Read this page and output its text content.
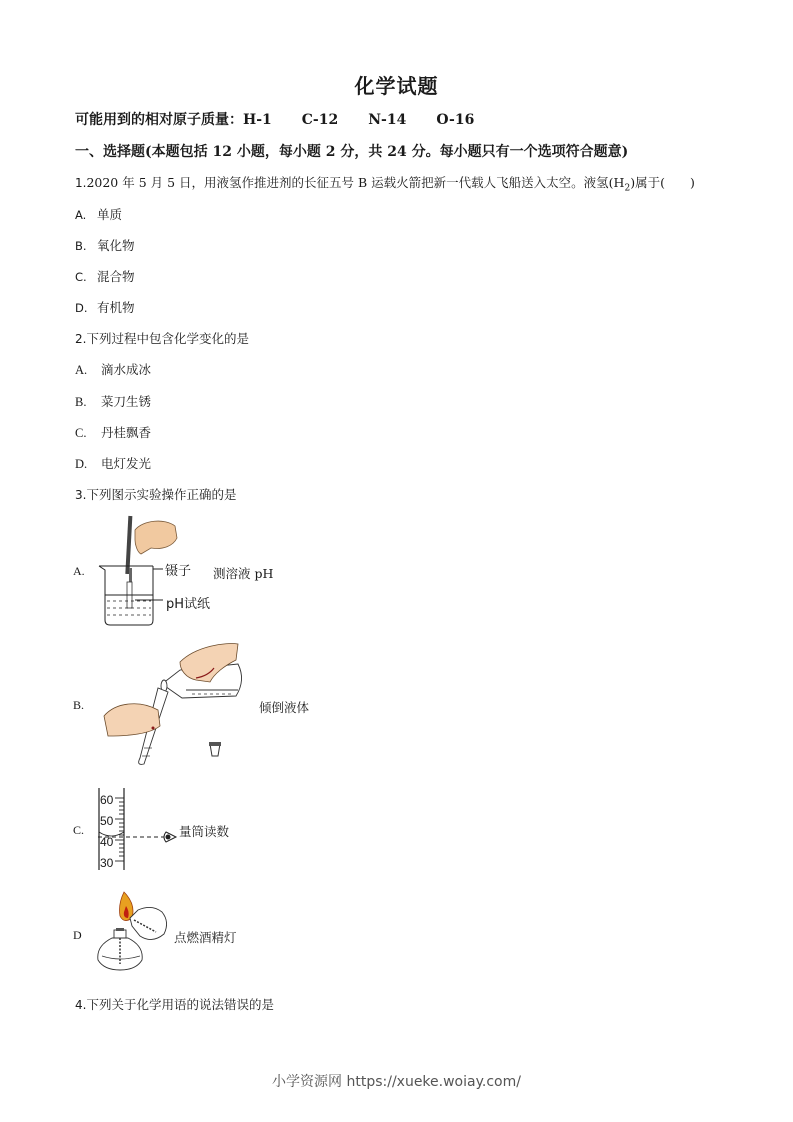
化学试题
可能用到的相对原子质量：H-1 C-12 N-14 O-16
一、选择题(本题包括 12 小题，每小题 2 分，共 24 分。每小题只有一个选项符合题意)
1.2020 年 5 月 5 日，用液氢作推进剂的长征五号 B 运载火箭把新一代载人飞船送入太空。液氢$(H_2)$属于(　　)
A. 单质
B. 氧化物
C. 混合物
D. 有机物
2.下列过程中包含化学变化的是
A. 滴水成冰
B. 菜刀生锈
C. 丹桂飘香
D. 电灯发光
3.下列图示实验操作正确的是
A.	镊子
pH试纸
测溶液 pH
B.	倾倒液体
C.
60
50
40
30
量筒读数
D	点燃酒精灯
4.下列关于化学用语的说法错误的是
小学资源网 https://xueke.woiay.com/
